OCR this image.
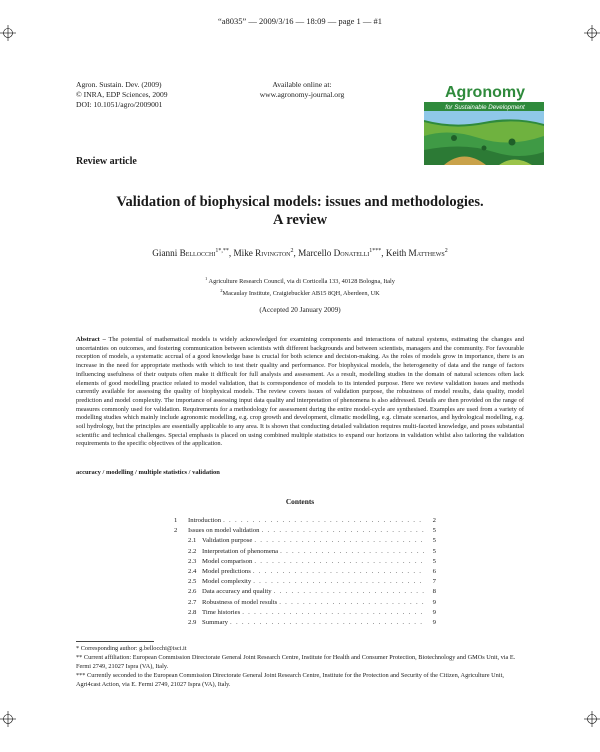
“a8035” — 2009/3/16 — 18:09 — page 1 — #1
Agron. Sustain. Dev. (2009)
© INRA, EDP Sciences, 2009
DOI: 10.1051/agro/2009001
Available online at:
www.agronomy-journal.org	Agronomy
for Sustainable Development
Review article
Validation of biophysical models: issues and methodologies.
A review
Gianni Bellocchi$^{1*,**}$, Mike Rivington$^2$, Marcello Donatelli$^{1***}$, Keith Matthews$^2$
$^1$ Agriculture Research Council, via di Corticella 133, 40128 Bologna, Italy
$^2$Macaulay Institute, Craigiebuckler AB15 8QH, Aberdeen, UK
(Accepted 20 January 2009)
Abstract – The potential of mathematical models is widely acknowledged for examining components and interactions of natural systems, estimating the changes and uncertainties on outcomes, and fostering communication between scientists with different backgrounds and between scientists, managers and the community. For favourable reception of models, a systematic accrual of a good knowledge base is crucial for both science and decision-making. As the roles of models grow in importance, there is an increase in the need for appropriate methods with which to test their quality and performance. For biophysical models, the heterogeneity of data and the range of factors influencing usefulness of their outputs often make it difficult for full analysis and assessment. As a result, modelling studies in the domain of natural sciences often lack elements of good modelling practice related to model validation, that is correspondence of models to its intended purpose. Here we review validation issues and methods currently available for assessing the quality of biophysical models. The review covers issues of validation purpose, the robustness of model results, data quality, model prediction and model complexity. The importance of assessing input data quality and interpretation of phenomena is also addressed. Details are then provided on the range of measures commonly used for validation. Requirements for a methodology for assessment during the entire model-cycle are synthesised. Examples are used from a variety of modelling studies which mainly include agronomic modelling, e.g. crop growth and development, climatic modelling, e.g. climate scenarios, and hydrological modelling, e.g. soil hydrology, but the principles are essentially applicable to any area. It is shown that conducting detailed validation requires multi-faceted knowledge, and poses substantial scientific and technical challenges. Special emphasis is placed on using combined multiple statistics to expand our horizons in validation whilst also tailoring the validation requirements to the specific objectives of the application.
accuracy / modelling / multiple statistics / validation
Contents
1	Introduction . . .	2
2	Issues on model validation . . .	5
2.1 Validation purpose . . .	5
2.2 Interpretation of phenomena . . .	5
2.3 Model comparison . . .	5
2.4 Model predictions . . .	6
2.5 Model complexity . . .	7
2.6 Data accuracy and quality . . .	8
2.7 Robustness of model results . . .	9
2.8 Time histories . . .	9
2.9 Summary . . .	9

* Corresponding author: g.bellocchi@isci.it

** Current affiliation: European Commission Directorate General Joint Research Centre, Institute for Health and Consumer Protection, Biotechnology and GMOs Unit, via E. Fermi 2749, 21027 Ispra (VA), Italy.

*** Currently seconded to the European Commission Directorate General Joint Research Centre, Institute for the Protection and Security of the Citizen, Agriculture Unit, Agri4cast Action, via E. Fermi 2749, 21027 Ispra (VA), Italy.
